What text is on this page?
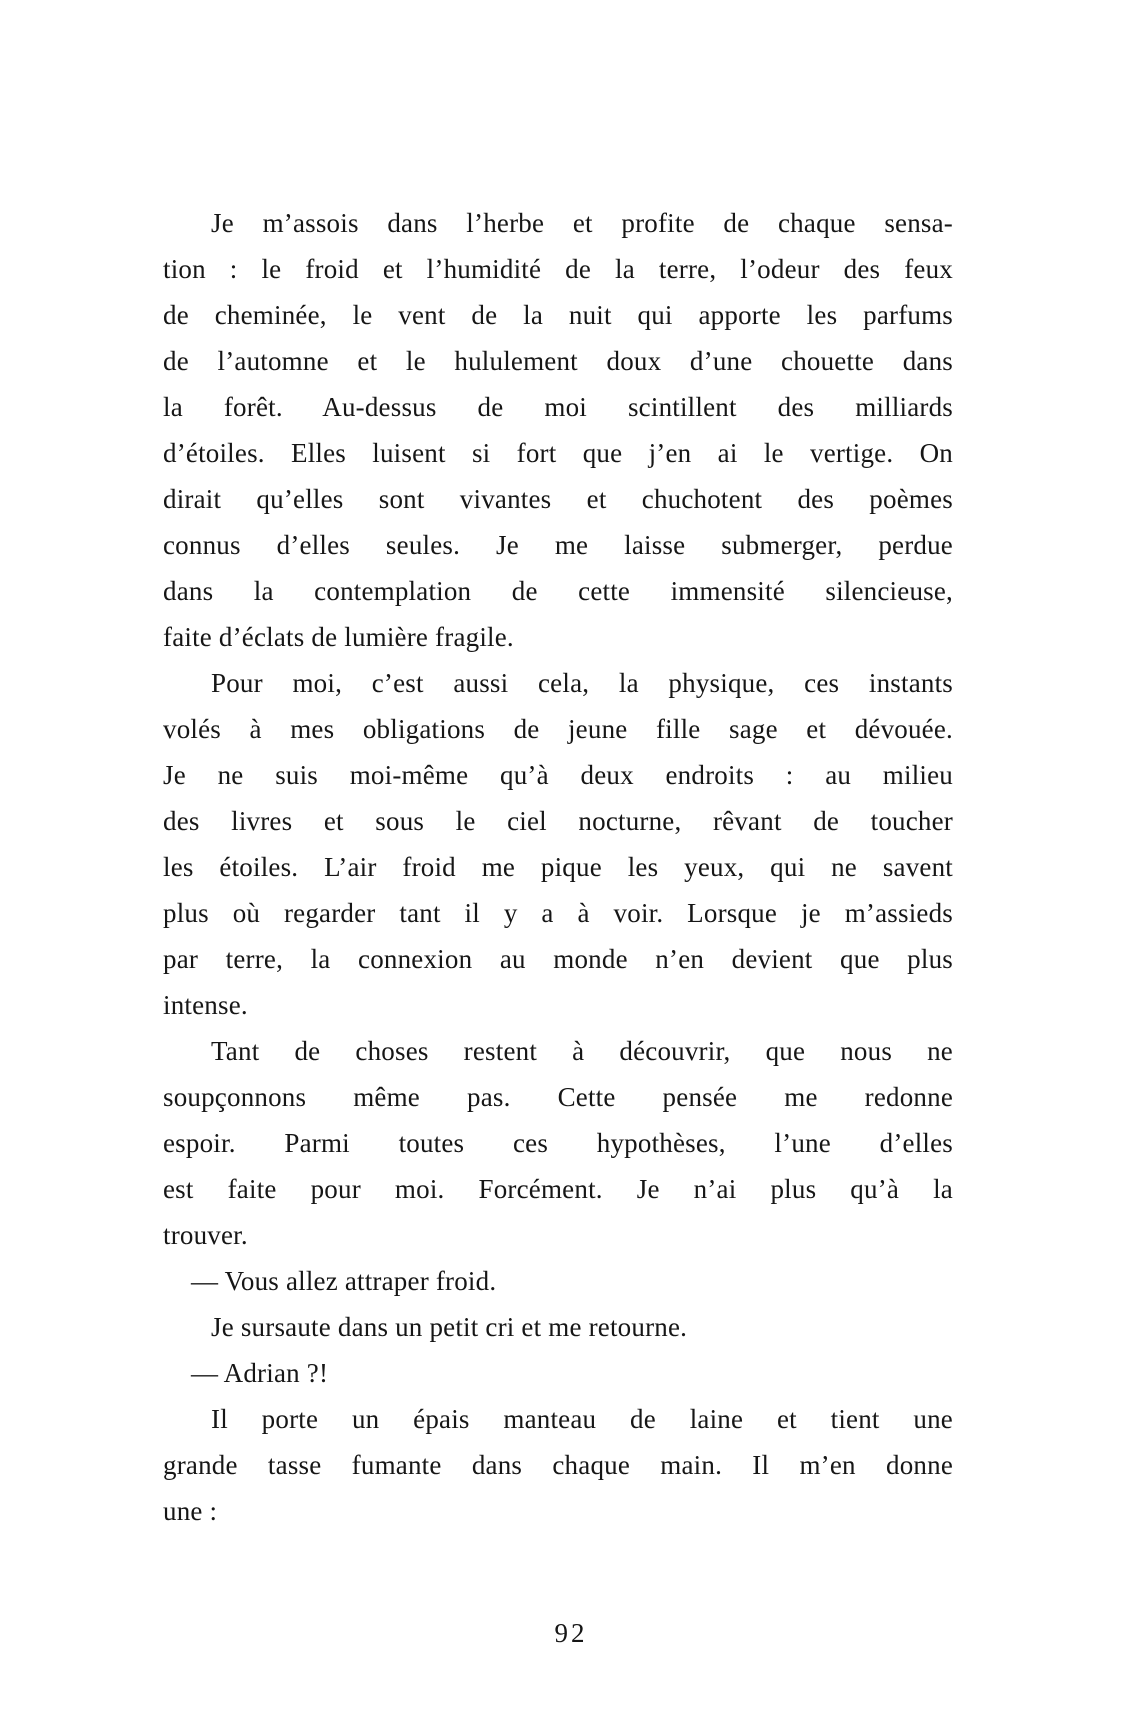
Je m’assois dans l’herbe et profite de chaque sensa-
tion : le froid et l’humidité de la terre, l’odeur des feux
de cheminée, le vent de la nuit qui apporte les parfums
de l’automne et le hululement doux d’une chouette dans
la forêt. Au-dessus de moi scintillent des milliards
d’étoiles. Elles luisent si fort que j’en ai le vertige. On
dirait qu’elles sont vivantes et chuchotent des poèmes
connus d’elles seules. Je me laisse submerger, perdue
dans la contemplation de cette immensité silencieuse,
faite d’éclats de lumière fragile.
Pour moi, c’est aussi cela, la physique, ces instants
volés à mes obligations de jeune fille sage et dévouée.
Je ne suis moi-même qu’à deux endroits : au milieu
des livres et sous le ciel nocturne, rêvant de toucher
les étoiles. L’air froid me pique les yeux, qui ne savent
plus où regarder tant il y a à voir. Lorsque je m’assieds
par terre, la connexion au monde n’en devient que plus
intense.
Tant de choses restent à découvrir, que nous ne
soupçonnons même pas. Cette pensée me redonne
espoir. Parmi toutes ces hypothèses, l’une d’elles
est faite pour moi. Forcément. Je n’ai plus qu’à la
trouver.
— Vous allez attraper froid.
Je sursaute dans un petit cri et me retourne.
— Adrian ?!
Il porte un épais manteau de laine et tient une
grande tasse fumante dans chaque main. Il m’en donne
une :
92
